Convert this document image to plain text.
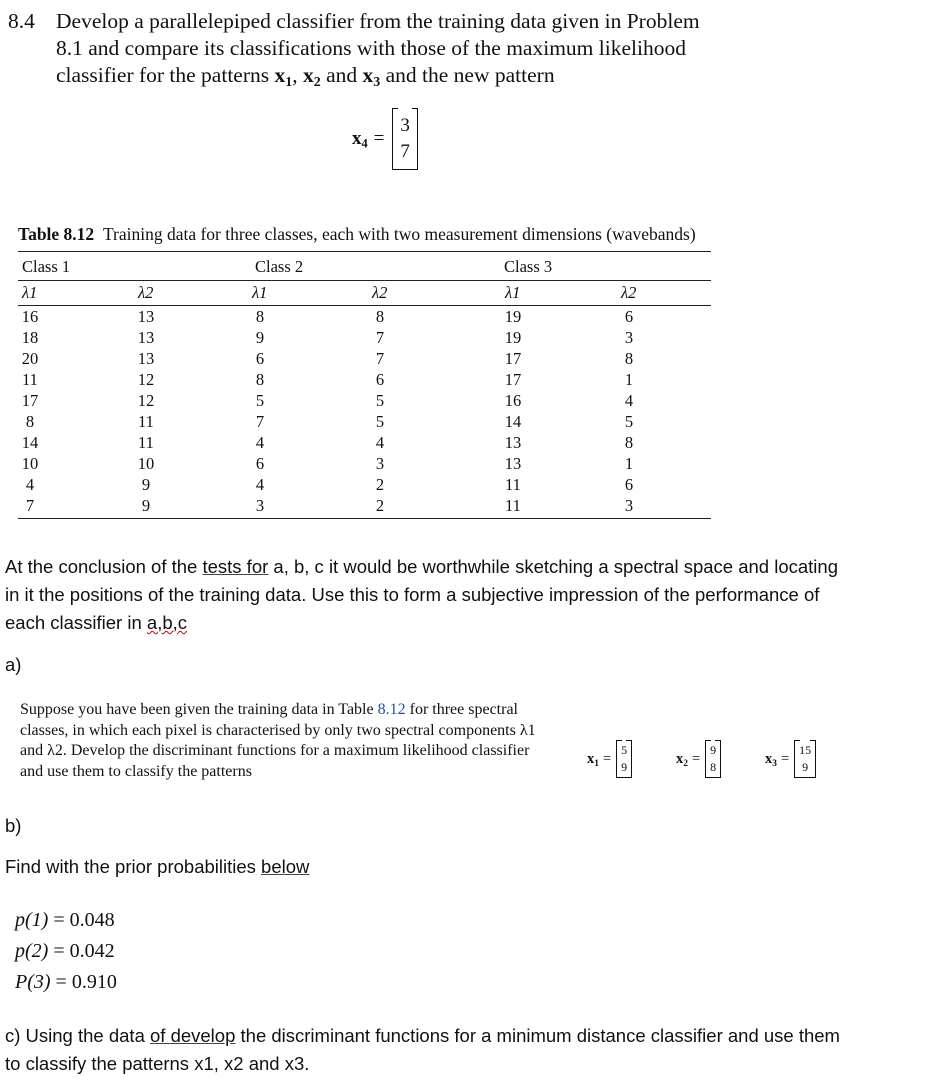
8.4 Develop a parallelepiped classifier from the training data given in Problem
8.1 and compare its classifications with those of the maximum likelihood
classifier for the patterns $x_1$, $x_2$ and $x_3$ and the new pattern
$x_4$ =
3
7
Table 8.12 Training data for three classes, each with two measurement dimensions (wavebands)
Class 1	Class 2	Class 3
λ1	λ2	λ1	λ2	λ1	λ2
16	13	8	8	19	6
18	13	9	7	19	3
20	13	6	7	17	8
11	12	8	6	17	1
17	12	5	5	16	4
8	11	7	5	14	5
14	11	4	4	13	8
10	10	6	3	13	1
4	9	4	2	11	6
7	9	3	2	11	3
At the conclusion of the tests for a, b, c it would be worthwhile sketching a spectral space and locating
in it the positions of the training data. Use this to form a subjective impression of the performance of
each classifier in a,b,c
a)
Suppose you have been given the training data in Table 8.12 for three spectral classes, in which each pixel is characterised by only two spectral components λ1 and λ2. Develop the discriminant functions for a maximum likelihood classifier and use them to classify the patterns
$x_1$ =
5
9
$x_2$ =
9
8
$x_3$ =
15
9
b)
Find with the prior probabilities below
p(1) = 0.048
p(2) = 0.042
P(3) = 0.910
c) Using the data of develop the discriminant functions for a minimum distance classifier and use them
to classify the patterns x1, x2 and x3.
